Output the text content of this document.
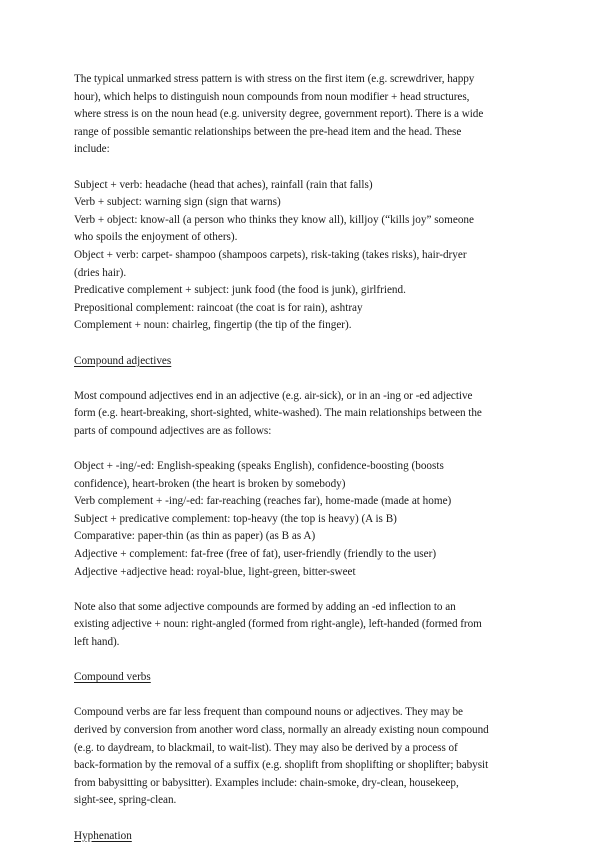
The typical unmarked stress pattern is with stress on the first item (e.g. screwdriver, happy

hour), which helps to distinguish noun compounds from noun modifier + head structures,

where stress is on the noun head (e.g. university degree, government report). There is a wide

range of possible semantic relationships between the pre-head item and the head. These

include:

Subject + verb: headache (head that aches), rainfall (rain that falls)

Verb + subject: warning sign (sign that warns)

Verb + object: know-all (a person who thinks they know all), killjoy (“kills joy” someone

who spoils the enjoyment of others).

Object + verb: carpet- shampoo (shampoos carpets), risk-taking (takes risks), hair-dryer

(dries hair).

Predicative complement + subject: junk food (the food is junk), girlfriend.

Prepositional complement: raincoat (the coat is for rain), ashtray

Complement + noun: chairleg, fingertip (the tip of the finger).

Compound adjectives

Most compound adjectives end in an adjective (e.g. air-sick), or in an -ing or -ed adjective

form (e.g. heart-breaking, short-sighted, white-washed). The main relationships between the

parts of compound adjectives are as follows:

Object + -ing/-ed: English-speaking (speaks English), confidence-boosting (boosts

confidence), heart-broken (the heart is broken by somebody)

Verb complement + -ing/-ed: far-reaching (reaches far), home-made (made at home)

Subject + predicative complement: top-heavy (the top is heavy) (A is B)

Comparative: paper-thin (as thin as paper) (as B as A)

Adjective + complement: fat-free (free of fat), user-friendly (friendly to the user)

Adjective +adjective head: royal-blue, light-green, bitter-sweet

Note also that some adjective compounds are formed by adding an -ed inflection to an

existing adjective + noun: right-angled (formed from right-angle), left-handed (formed from

left hand).

Compound verbs

Compound verbs are far less frequent than compound nouns or adjectives. They may be

derived by conversion from another word class, normally an already existing noun compound

(e.g. to daydream, to blackmail, to wait-list). They may also be derived by a process of

back-formation by the removal of a suffix (e.g. shoplift from shoplifting or shoplifter; babysit

from babysitting or babysitter). Examples include: chain-smoke, dry-clean, housekeep,

sight-see, spring-clean.

Hyphenation
